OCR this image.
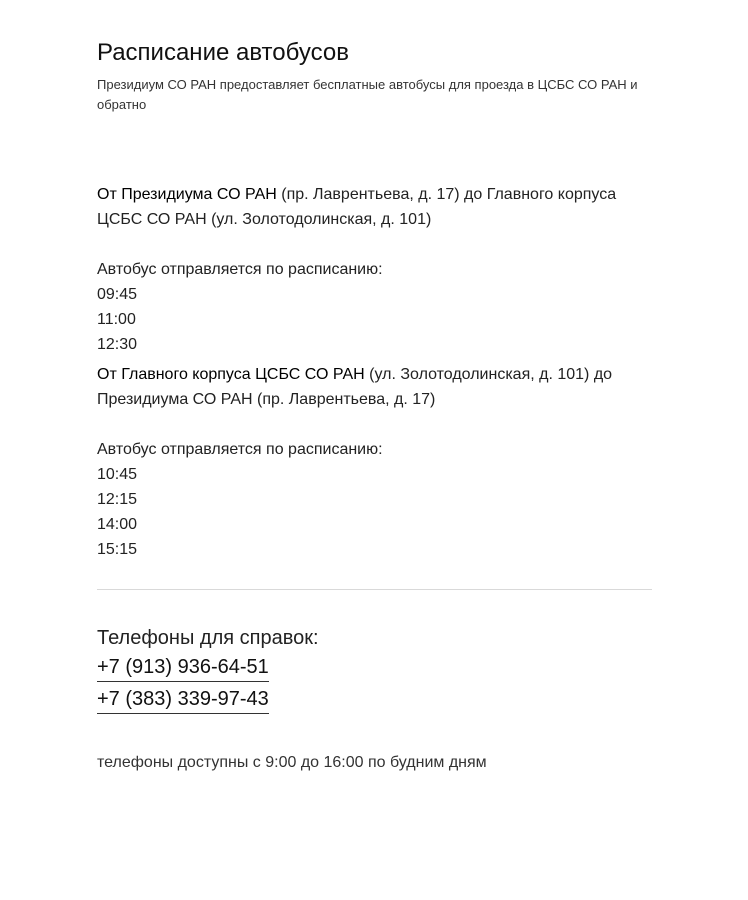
Расписание автобусов
Президиум СО РАН предоставляет бесплатные автобусы для проезда в ЦСБС СО РАН и обратно
От Президиума СО РАН (пр. Лаврентьева, д. 17) до Главного корпуса ЦСБС СО РАН (ул. Золотодолинская, д. 101)
Автобус отправляется по расписанию:
09:45
11:00
12:30
От Главного корпуса ЦСБС СО РАН (ул. Золотодолинская, д. 101) до Президиума СО РАН (пр. Лаврентьева, д. 17)
Автобус отправляется по расписанию:
10:45
12:15
14:00
15:15
Телефоны для справок:
+7 (913) 936-64-51
+7 (383) 339-97-43
телефоны доступны с 9:00 до 16:00 по будним дням
